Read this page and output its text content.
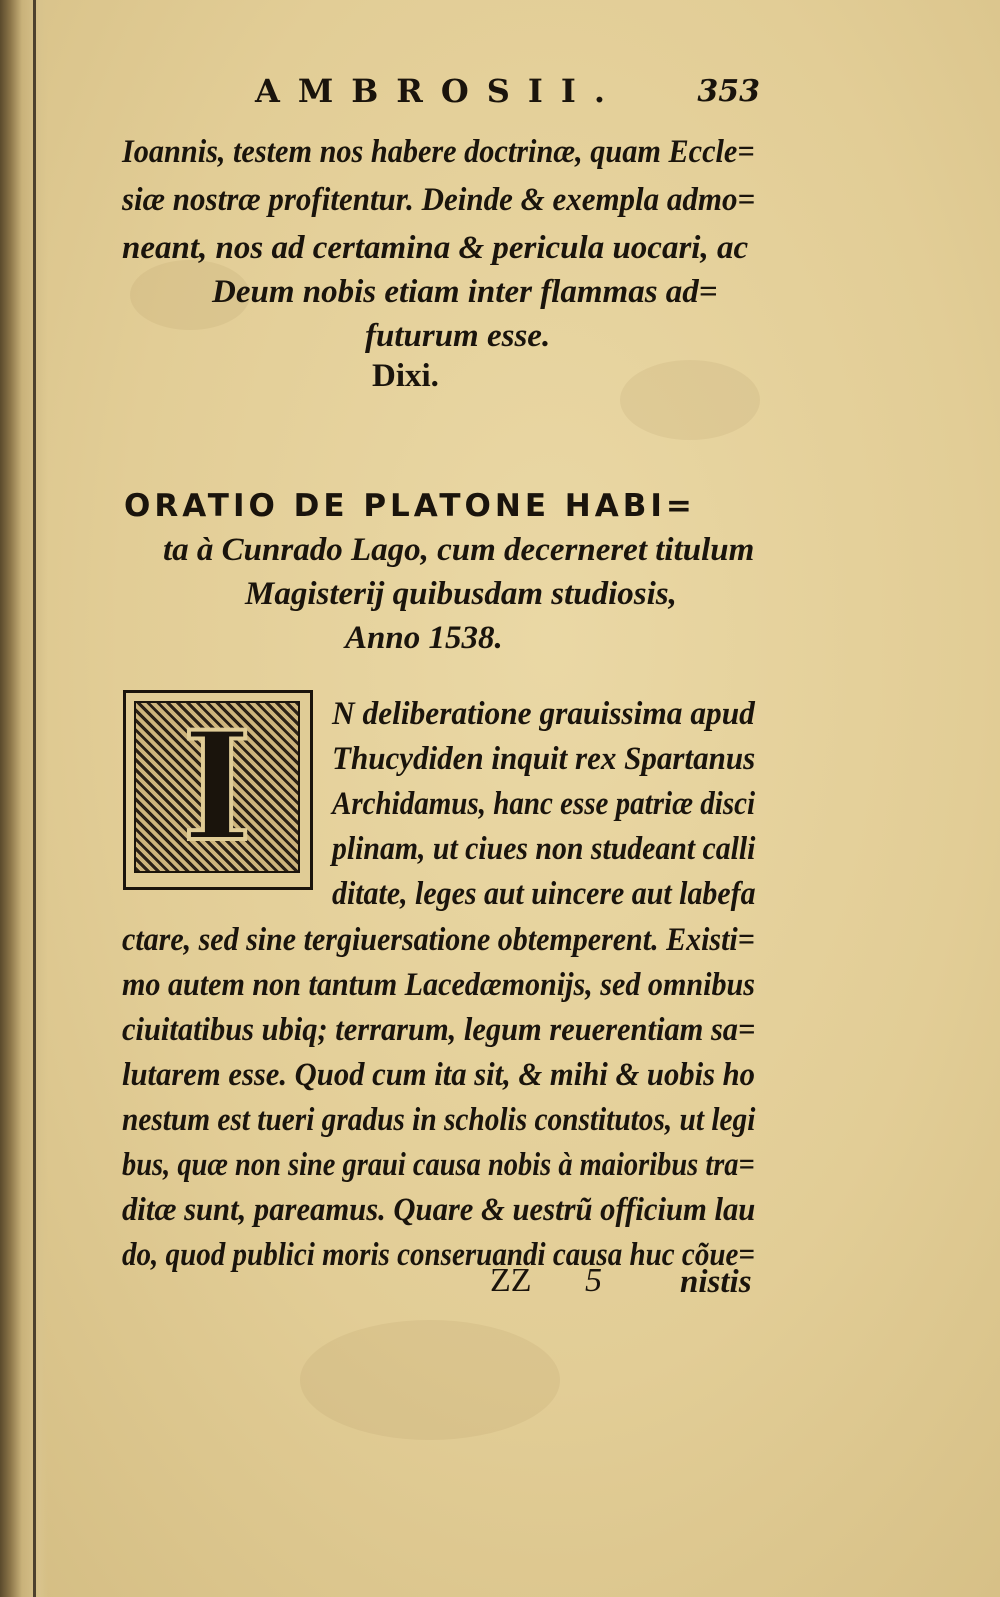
AMBROSII. 353
Ioannis, testem nos habere doctrinæ, quam Eccle=
siæ nostræ profitentur. Deinde & exempla admo=
neant, nos ad certamina & pericula uocari, ac
Deum nobis etiam inter flammas ad=
futurum esse.
Dixi.
ORATIO DE PLATONE HABI=
ta à Cunrado Lago, cum decerneret titulum
Magisterij quibusdam studiosis,
Anno 1538.
I	N deliberatione grauissima apud
Thucydiden inquit rex Spartanus
Archidamus, hanc esse patriæ disci
plinam, ut ciues non studeant calli
ditate, leges aut uincere aut labefa
ctare, sed sine tergiuersatione obtemperent. Existi=
mo autem non tantum Lacedæmonijs, sed omnibus
ciuitatibus ubiq; terrarum, legum reuerentiam sa=
lutarem esse. Quod cum ita sit, & mihi & uobis ho
nestum est tueri gradus in scholis constitutos, ut legi
bus, quæ non sine graui causa nobis à maioribus tra=
ditæ sunt, pareamus. Quare & uestrũ officium lau
do, quod publici moris conseruandi causa huc cõue=
ZZ 5 nistis
